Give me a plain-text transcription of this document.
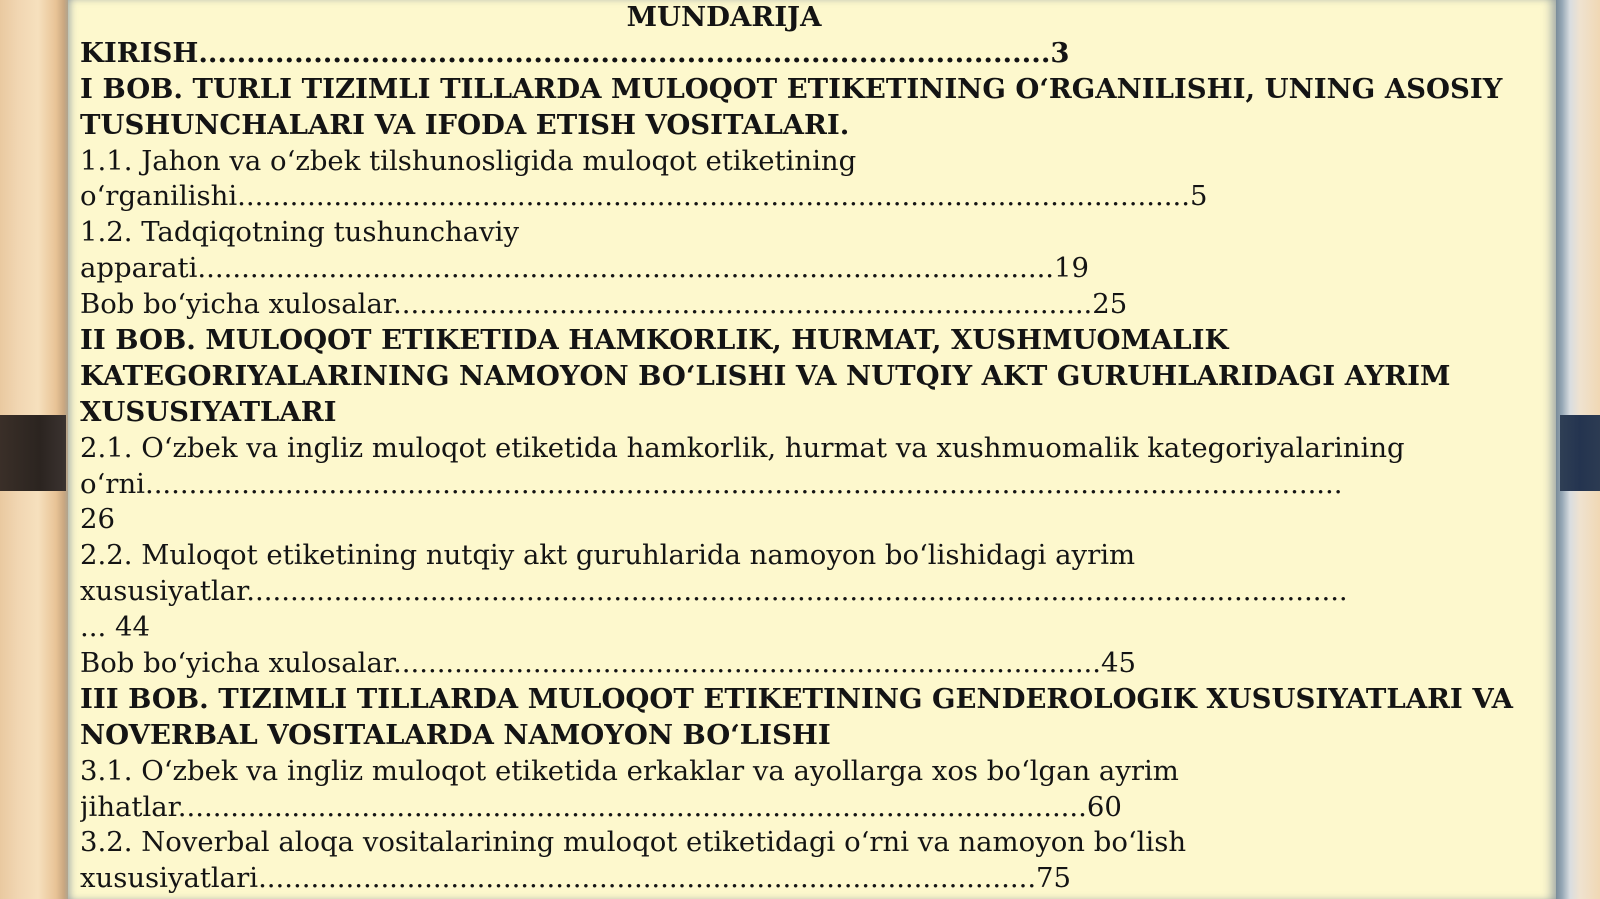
MUNDARIJA
KIRISH.........................................................................................3
I BOB. TURLI TIZIMLI TILLARDA MULOQOT ETIKETINING OʻRGANILISHI, UNING ASOSIY
TUSHUNCHALARI VA IFODA ETISH VOSITALARI.
1.1. Jahon va oʻzbek tilshunosligida muloqot etiketining
oʻrganilishi.............................................................................................................5
1.2. Tadqiqotning tushunchaviy
apparati..................................................................................................19
Bob boʻyicha xulosalar................................................................................25
II BOB. MULOQOT ETIKETIDA HAMKORLIK, HURMAT, XUSHMUOMALIK
KATEGORIYALARINING NAMOYON BOʻLISHI VA NUTQIY AKT GURUHLARIDAGI AYRIM
XUSUSIYATLARI
2.1. Oʻzbek va ingliz muloqot etiketida hamkorlik, hurmat va xushmuomalik kategoriyalarining
oʻrni.........................................................................................................................................
26
2.2. Muloqot etiketining nutqiy akt guruhlarida namoyon boʻlishidagi ayrim
xususiyatlar..............................................................................................................................
... 44
Bob boʻyicha xulosalar.................................................................................45
III BOB. TIZIMLI TILLARDA MULOQOT ETIKETINING GENDEROLOGIK XUSUSIYATLARI VA
NOVERBAL VOSITALARDA NAMOYON BOʻLISHI
3.1. Oʻzbek va ingliz muloqot etiketida erkaklar va ayollarga xos boʻlgan ayrim
jihatlar........................................................................................................60
3.2. Noverbal aloqa vositalarining muloqot etiketidagi oʻrni va namoyon boʻlish
xususiyatlari.........................................................................................75
